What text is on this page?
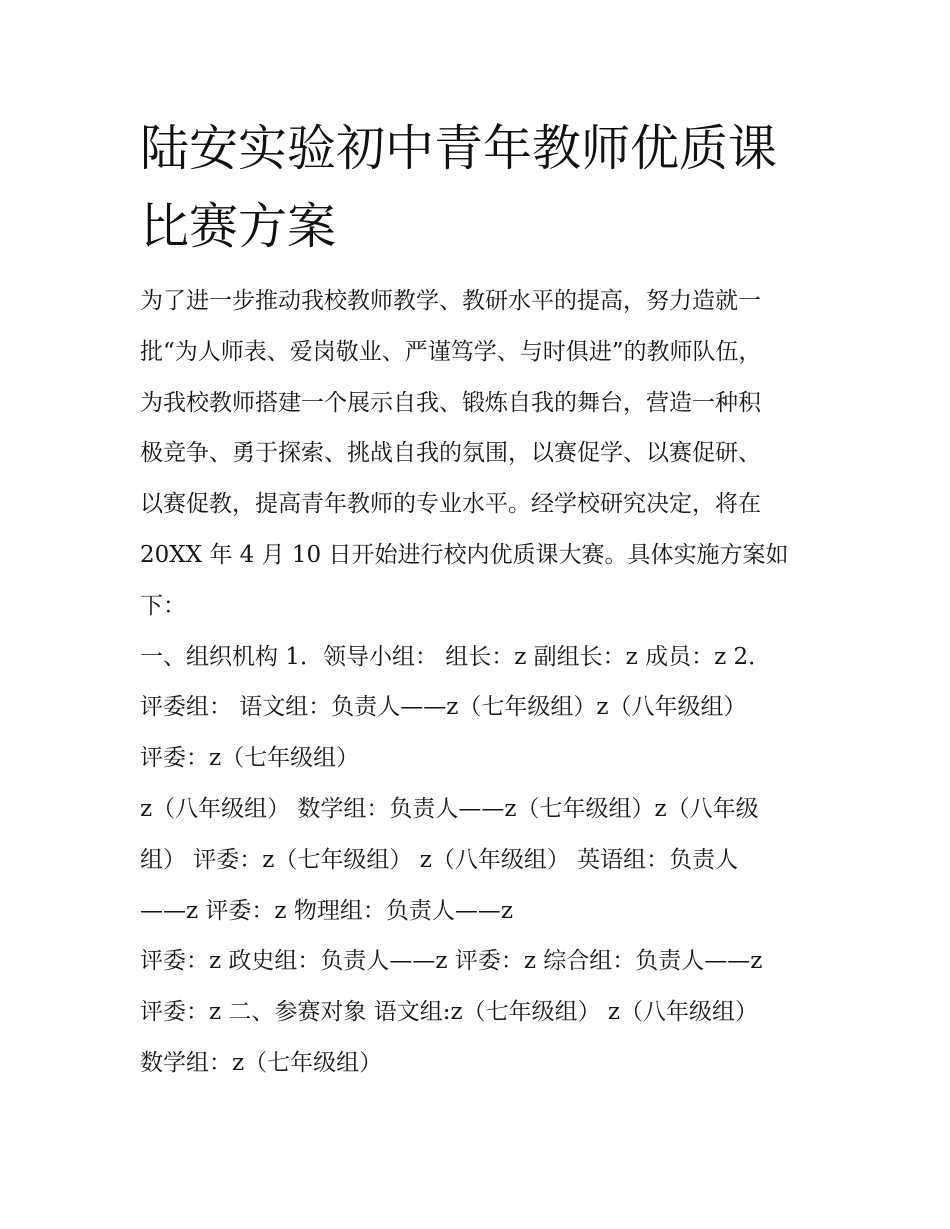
陆安实验初中青年教师优质课
比赛方案
为了进一步推动我校教师教学、教研水平的提高，努力造就一
批“为人师表、爱岗敬业、严谨笃学、与时俱进”的教师队伍，
为我校教师搭建一个展示自我、锻炼自我的舞台，营造一种积
极竞争、勇于探索、挑战自我的氛围，以赛促学、以赛促研、
以赛促教，提高青年教师的专业水平。经学校研究决定，将在
20XX 年 4 月 10 日开始进行校内优质课大赛。具体实施方案如
下：
一、组织机构 1．领导小组： 组长：z 副组长：z 成员：z 2．
评委组： 语文组：负责人——z（七年级组）z（八年级组）
评委：z（七年级组）
z（八年级组） 数学组：负责人——z（七年级组）z（八年级
组） 评委：z（七年级组） z（八年级组） 英语组：负责人
——z 评委：z 物理组：负责人——z
评委：z 政史组：负责人——z 评委：z 综合组：负责人——z
评委：z 二、参赛对象 语文组:z（七年级组） z（八年级组）
数学组：z（七年级组）
